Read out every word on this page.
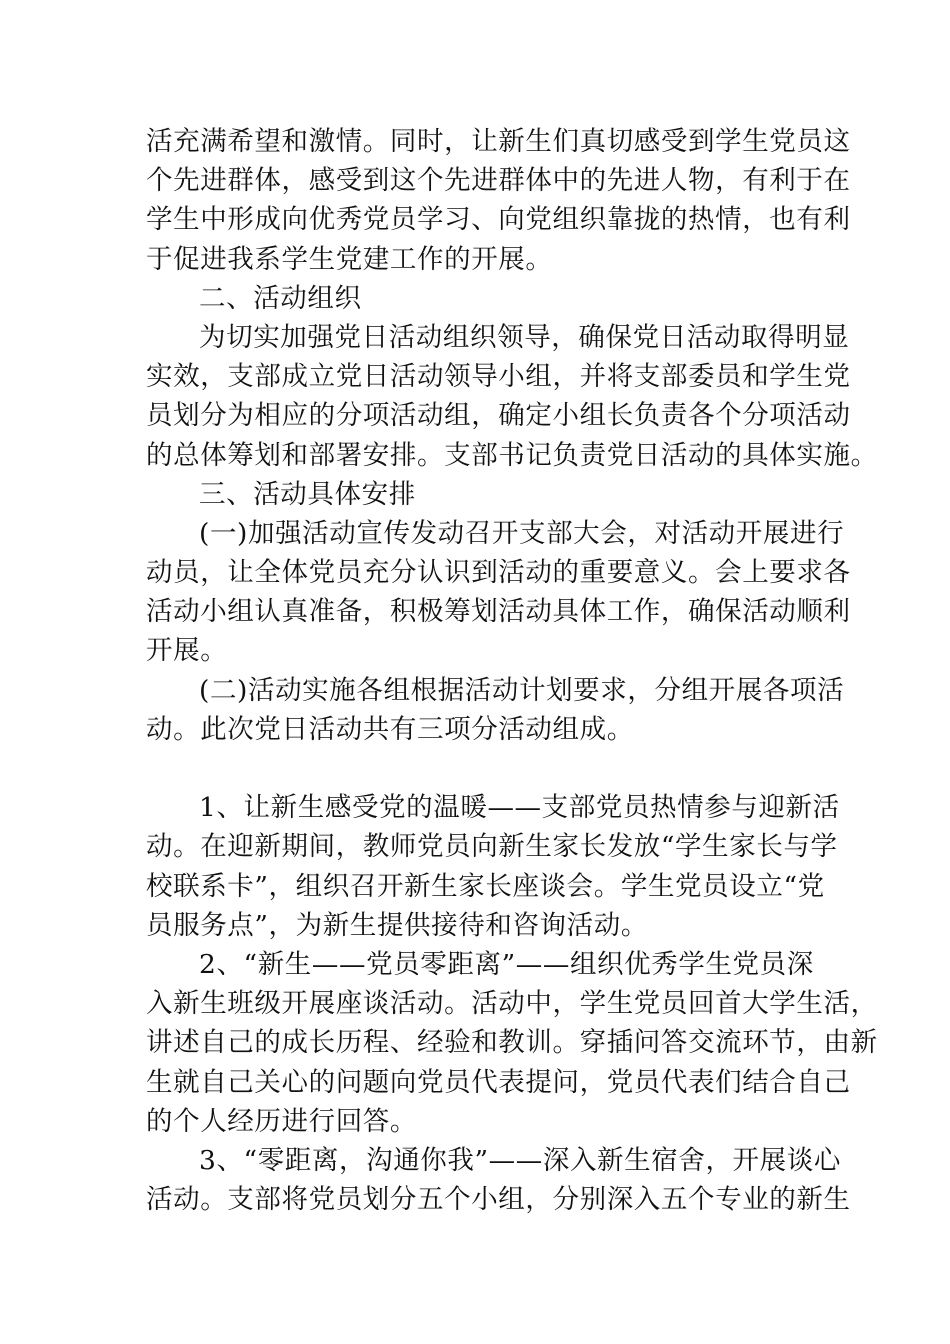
活充满希望和激情。同时，让新生们真切感受到学生党员这
个先进群体，感受到这个先进群体中的先进人物，有利于在
学生中形成向优秀党员学习、向党组织靠拢的热情，也有利
于促进我系学生党建工作的开展。
二、活动组织
为切实加强党日活动组织领导，确保党日活动取得明显
实效，支部成立党日活动领导小组，并将支部委员和学生党
员划分为相应的分项活动组，确定小组长负责各个分项活动
的总体筹划和部署安排。支部书记负责党日活动的具体实施。
三、活动具体安排
(一)加强活动宣传发动召开支部大会，对活动开展进行
动员，让全体党员充分认识到活动的重要意义。会上要求各
活动小组认真准备，积极筹划活动具体工作，确保活动顺利
开展。
(二)活动实施各组根据活动计划要求，分组开展各项活
动。此次党日活动共有三项分活动组成。
1、让新生感受党的温暖——支部党员热情参与迎新活
动。在迎新期间，教师党员向新生家长发放“学生家长与学
校联系卡”，组织召开新生家长座谈会。学生党员设立“党
员服务点”，为新生提供接待和咨询活动。
2、“新生——党员零距离”——组织优秀学生党员深
入新生班级开展座谈活动。活动中，学生党员回首大学生活，
讲述自己的成长历程、经验和教训。穿插问答交流环节，由新
生就自己关心的问题向党员代表提问，党员代表们结合自己
的个人经历进行回答。
3、“零距离，沟通你我”——深入新生宿舍，开展谈心
活动。支部将党员划分五个小组，分别深入五个专业的新生
